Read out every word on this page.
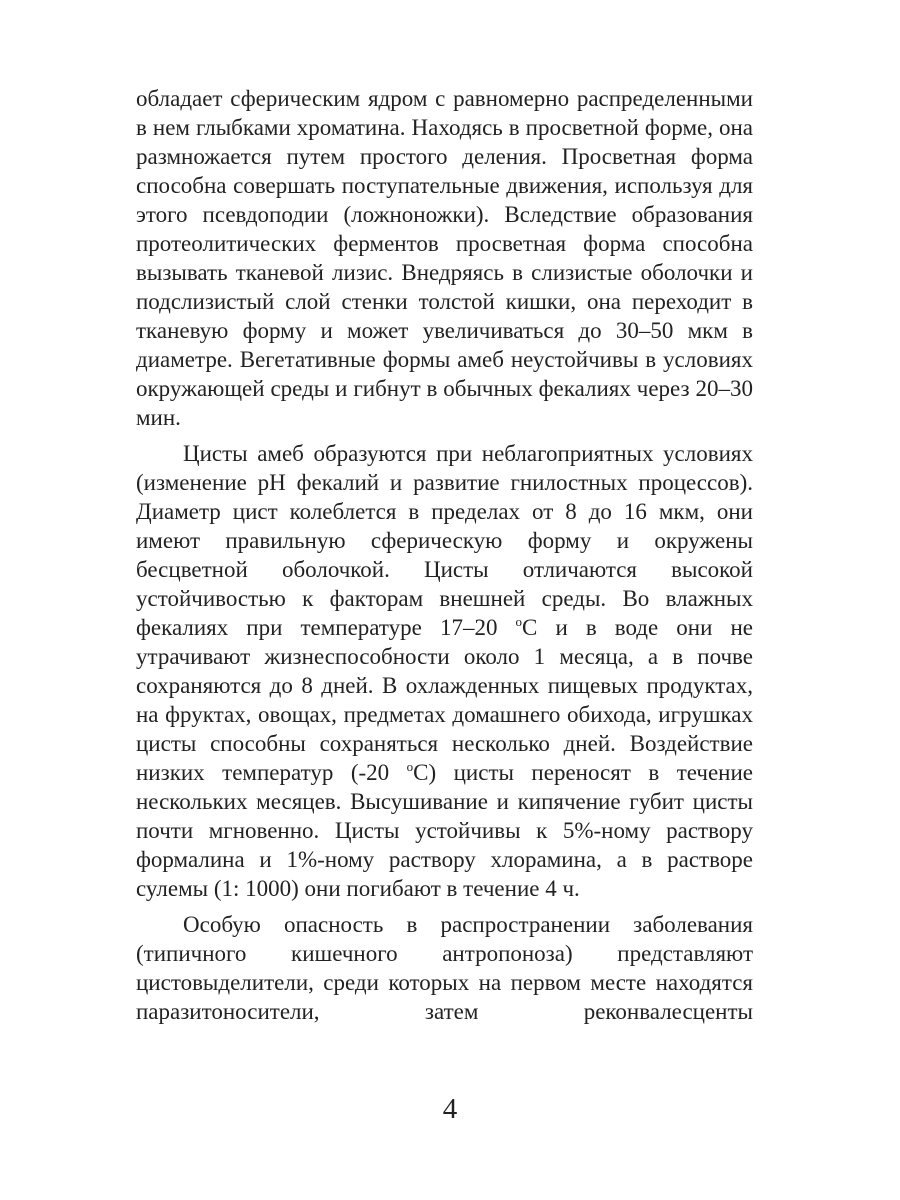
обладает сферическим ядром с равномерно распределенными в нем глыбками хроматина. Находясь в просветной форме, она размножается путем простого деления. Просветная форма способна совершать поступательные движения, используя для этого псевдоподии (ложноножки). Вследствие образования протеолитических ферментов просветная форма способна вызывать тканевой лизис. Внедряясь в слизистые оболочки и подслизистый слой стенки толстой кишки, она переходит в тканевую форму и может увеличиваться до 30–50 мкм в диаметре. Вегетативные формы амеб неустойчивы в условиях окружающей среды и гибнут в обычных фекалиях через 20–30 мин.

Цисты амеб образуются при неблагоприятных условиях (изменение pH фекалий и развитие гнилостных процессов). Диаметр цист колеблется в пределах от 8 до 16 мкм, они имеют правильную сферическую форму и окружены бесцветной оболочкой. Цисты отличаются высокой устойчивостью к факторам внешней среды. Во влажных фекалиях при температуре 17–20 $^о$С и в воде они не утрачивают жизнеспособности около 1 месяца, а в почве сохраняются до 8 дней. В охлажденных пищевых продуктах, на фруктах, овощах, предметах домашнего обихода, игрушках цисты способны сохраняться несколько дней. Воздействие низких температур (-20 $^о$С) цисты переносят в течение нескольких месяцев. Высушивание и кипячение губит цисты почти мгновенно. Цисты устойчивы к 5%-ному раствору формалина и 1%-ному раствору хлорамина, а в растворе сулемы (1: 1000) они погибают в течение 4 ч.

Особую опасность в распространении заболевания (типичного кишечного антропоноза) представляют цистовыделители, среди которых на первом месте находятся паразитоносители, затем реконвалесценты

4
